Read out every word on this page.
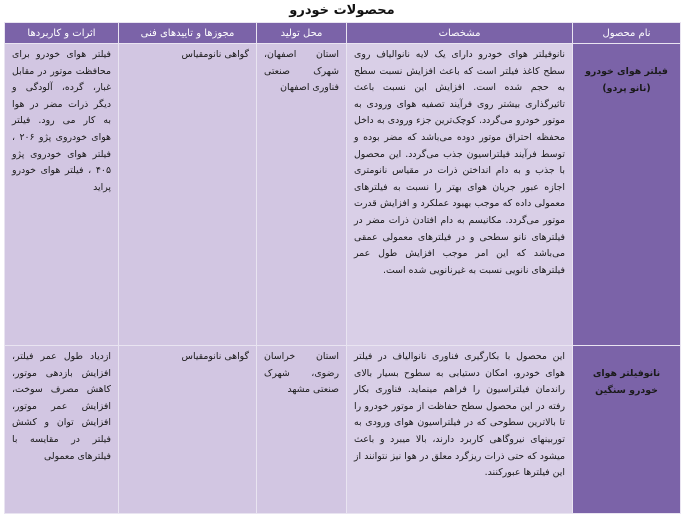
محصولات خودرو
نام محصول	مشخصات	محل تولید	مجوزها و تاییدهای فنی	اثرات و کاربردها
فیلتر هوای خودرو (نانو پردو)	نانوفیلتر هوای خودرو دارای یک لایه نانوالیاف روی سطح کاغذ فیلتر است که باعث افزایش نسبت سطح به حجم شده است. افزایش این نسبت باعث تاثیرگذاری بیشتر روی فرآیند تصفیه هوای ورودی به موتور خودرو می‌گردد. کوچک‌ترین جزء ورودی به داخل محفظه احتراق موتور دوده می‌باشد که مضر بوده و توسط فرآیند فیلتراسیون جذب می‌گردد. این محصول با جذب و به دام انداختن ذرات در مقیاس نانومتری اجازه عبور جریان هوای بهتر را نسبت به فیلترهای معمولی داده که موجب بهبود عملکرد و افزایش قدرت موتور می‌گردد. مکانیسم به دام افتادن ذرات مضر در فیلترهای نانو سطحی و در فیلترهای معمولی عمقی می‌باشد که این امر موجب افزایش طول عمر فیلترهای نانویی نسبت به غیرنانویی شده است.	استان اصفهان، شهرک صنعتی فناوری اصفهان	گواهی نانومقیاس	فیلتر هوای خودرو برای محافظت موتور در مقابل غبار، گرده، آلودگی و دیگر ذرات مضر در هوا به کار می رود. فیلتر هوای خودروی پژو ۲۰۶ ، فیلتر هوای خودروی پژو ۴۰۵ ، فیلتر هوای خودرو پراید
نانوفیلتر هوای خودرو سنگین	این محصول با بکارگیری فناوری نانوالیاف در فیلتر هوای خودرو، امکان دستیابی به سطوح بسیار بالای راندمان فیلتراسیون را فراهم مینماید. فناوری بکار رفته در این محصول سطح حفاظت از موتور خودرو را تا بالاترین سطوحی که در فیلتراسیون هوای ورودی به توربینهای نیروگاهی کاربرد دارند، بالا میبرد و باعث میشود که حتی ذرات ریزگرد معلق در هوا نیز نتوانند از این فیلترها عبورکنند.	استان خراسان رضوی، شهرک صنعتی مشهد	گواهی نانومقیاس	ازدیاد طول عمر فیلتر، افزایش بازدهی موتور، کاهش مصرف سوخت، افزایش عمر موتور، افزایش توان و کشش فیلتر در مقایسه با فیلترهای معمولی
